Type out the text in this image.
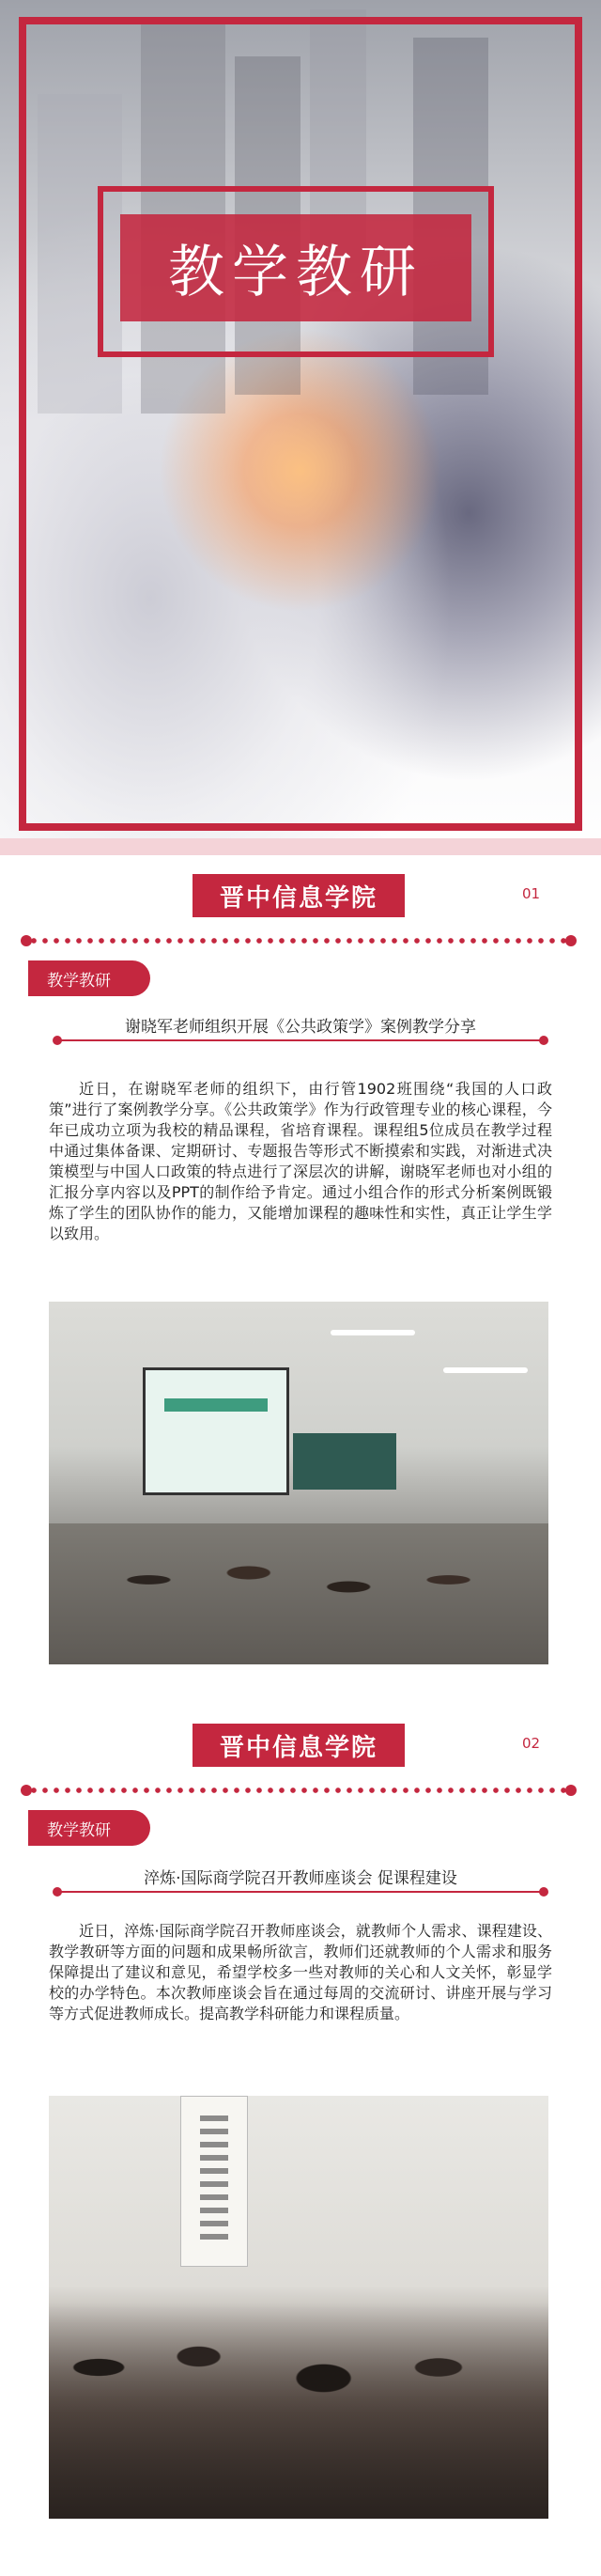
教学教研
晋中信息学院	01
教学教研
谢晓军老师组织开展《公共政策学》案例教学分享

近日，在谢晓军老师的组织下，由行管1902班围绕“我国的人口政策”进行了案例教学分享。《公共政策学》作为行政管理专业的核心课程，今年已成功立项为我校的精品课程，省培育课程。课程组5位成员在教学过程中通过集体备课、定期研讨、专题报告等形式不断摸索和实践，对渐进式决策模型与中国人口政策的特点进行了深层次的讲解，谢晓军老师也对小组的汇报分享内容以及PPT的制作给予肯定。通过小组合作的形式分析案例既锻炼了学生的团队协作的能力，又能增加课程的趣味性和实性，真正让学生学以致用。

晋中信息学院	02
教学教研
淬炼·国际商学院召开教师座谈会 促课程建设

近日，淬炼·国际商学院召开教师座谈会，就教师个人需求、课程建设、教学教研等方面的问题和成果畅所欲言，教师们还就教师的个人需求和服务保障提出了建议和意见，希望学校多一些对教师的关心和人文关怀，彰显学校的办学特色。本次教师座谈会旨在通过每周的交流研讨、讲座开展与学习等方式促进教师成长。提高教学科研能力和课程质量。
